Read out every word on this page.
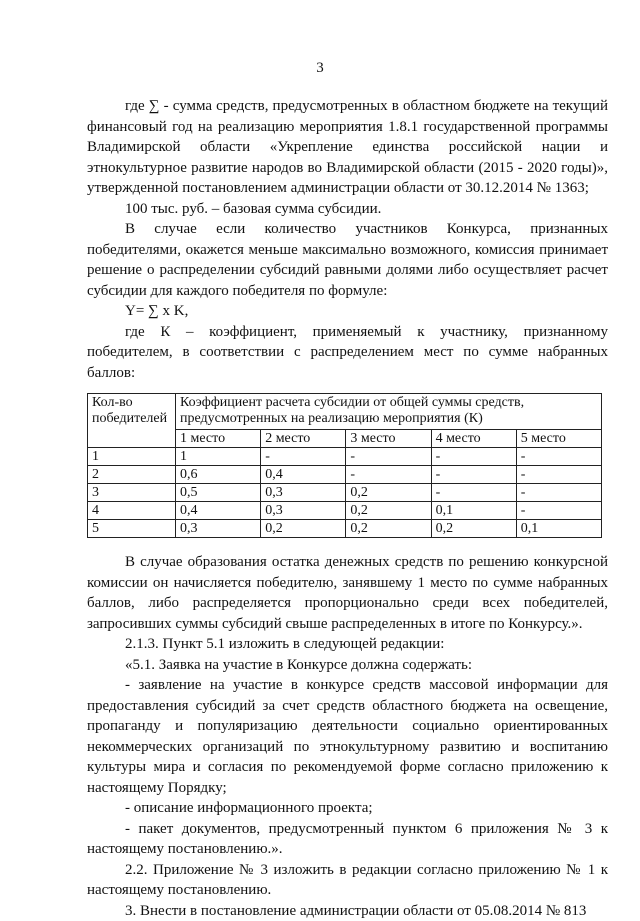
3

где ∑ - сумма средств, предусмотренных в областном бюджете на текущий финансовый год на реализацию мероприятия 1.8.1 государственной программы Владимирской области «Укрепление единства российской нации и этнокультурное развитие народов во Владимирской области (2015 - 2020 годы)», утвержденной постановлением администрации области от 30.12.2014 № 1363;

100 тыс. руб. – базовая сумма субсидии.

В случае если количество участников Конкурса, признанных победителями, окажется меньше максимально возможного, комиссия принимает решение о распределении субсидий равными долями либо осуществляет расчет субсидии для каждого победителя по формуле:

Y= ∑ x K,

где К – коэффициент, применяемый к участнику, признанному победителем, в соответствии с распределением мест по сумме набранных баллов:

Кол-во победителей	Коэффициент расчета субсидии от общей суммы средств, предусмотренных на реализацию мероприятия (К)				
	1 место	2 место	3 место	4 место	5 место
1	1	-	-	-	-
2	0,6	0,4	-	-	-
3	0,5	0,3	0,2	-	-
4	0,4	0,3	0,2	0,1	-
5	0,3	0,2	0,2	0,2	0,1

В случае образования остатка денежных средств по решению конкурсной комиссии он начисляется победителю, занявшему 1 место по сумме набранных баллов, либо распределяется пропорционально среди всех победителей, запросивших суммы субсидий свыше распределенных в итоге по Конкурсу.».

2.1.3. Пункт 5.1 изложить в следующей редакции:

«5.1. Заявка на участие в Конкурсе должна содержать:

- заявление на участие в конкурсе средств массовой информации для предоставления субсидий за счет средств областного бюджета на освещение, пропаганду и популяризацию деятельности социально ориентированных некоммерческих организаций по этнокультурному развитию и воспитанию культуры мира и согласия по рекомендуемой форме согласно приложению к настоящему Порядку;

- описание информационного проекта;

- пакет документов, предусмотренный пунктом 6 приложения № 3 к настоящему постановлению.».

2.2. Приложение № 3 изложить в редакции согласно приложению № 1 к настоящему постановлению.

3. Внести в постановление администрации области от 05.08.2014 № 813
